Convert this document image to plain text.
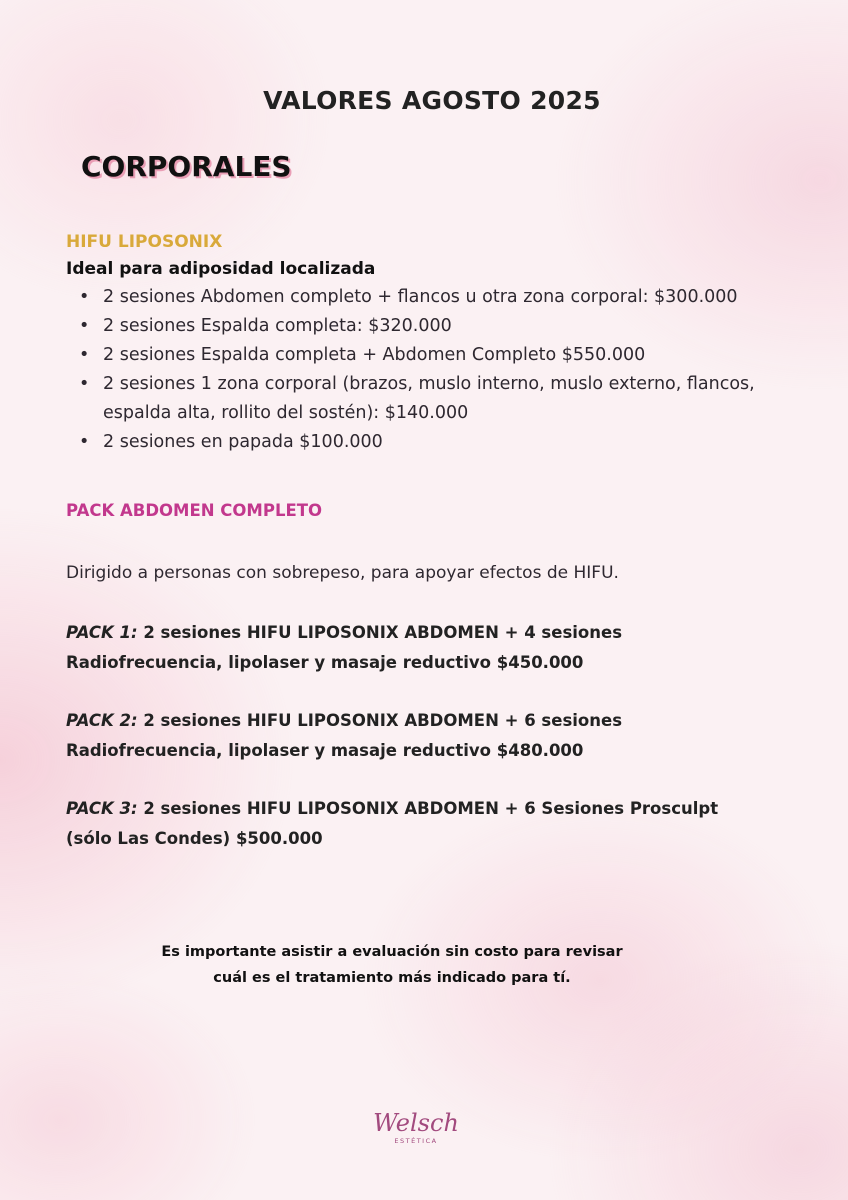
VALORES AGOSTO 2025
CORPORALES

HIFU LIPOSONIX

Ideal para adiposidad localizada

• 2 sesiones Abdomen completo + flancos u otra zona corporal: $300.000
• 2 sesiones Espalda completa: $320.000
• 2 sesiones Espalda completa + Abdomen Completo $550.000
• 2 sesiones 1 zona corporal (brazos, muslo interno, muslo externo, flancos, espalda alta, rollito del sostén): $140.000
• 2 sesiones en papada $100.000

PACK ABDOMEN COMPLETO

Dirigido a personas con sobrepeso, para apoyar efectos de HIFU.

PACK 1: 2 sesiones HIFU LIPOSONIX ABDOMEN + 4 sesiones Radiofrecuencia, lipolaser y masaje reductivo $450.000

PACK 2: 2 sesiones HIFU LIPOSONIX ABDOMEN + 6 sesiones Radiofrecuencia, lipolaser y masaje reductivo $480.000

PACK 3: 2 sesiones HIFU LIPOSONIX ABDOMEN + 6 Sesiones Prosculpt (sólo Las Condes) $500.000

Es importante asistir a evaluación sin costo para revisar
cuál es el tratamiento más indicado para tí.
Welsch
ESTÉTICA
